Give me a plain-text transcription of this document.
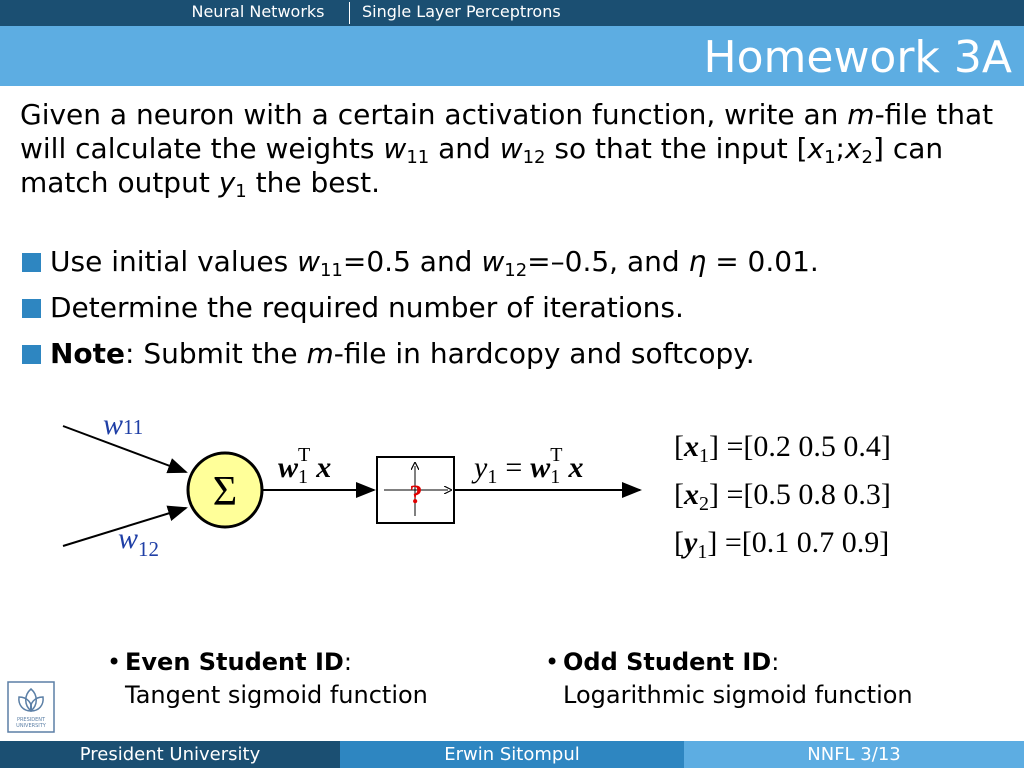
Neural Networks	Single Layer Perceptrons
Homework 3A
Given a neuron with a certain activation function, write an m-file that will calculate the weights $w_{11}$ and $w_{12}$ so that the input $[x_1;x_2]$ can match output $y_1$ the best.
Use initial values $w_{11}=0.5$ and $w_{12}=-0.5$, and η = 0.01.
Determine the required number of iterations.
Note: Submit the m-file in hardcopy and softcopy.
w11
$w_{12}$
Σ
$w_1T$ x
?
$y_1 = w_1T$ x
$[x_1] =[0.2$ 0.5 0.4]
$[x_2] =[0.5$ 0.8 0.3]
$[y_1] =[0.1$ 0.7 0.9]
• Even Student ID:
Tangent sigmoid function
• Odd Student ID:
Logarithmic sigmoid function
PRESIDENT
UNIVERSITY
President University	Erwin Sitompul	NNFL 3/13
